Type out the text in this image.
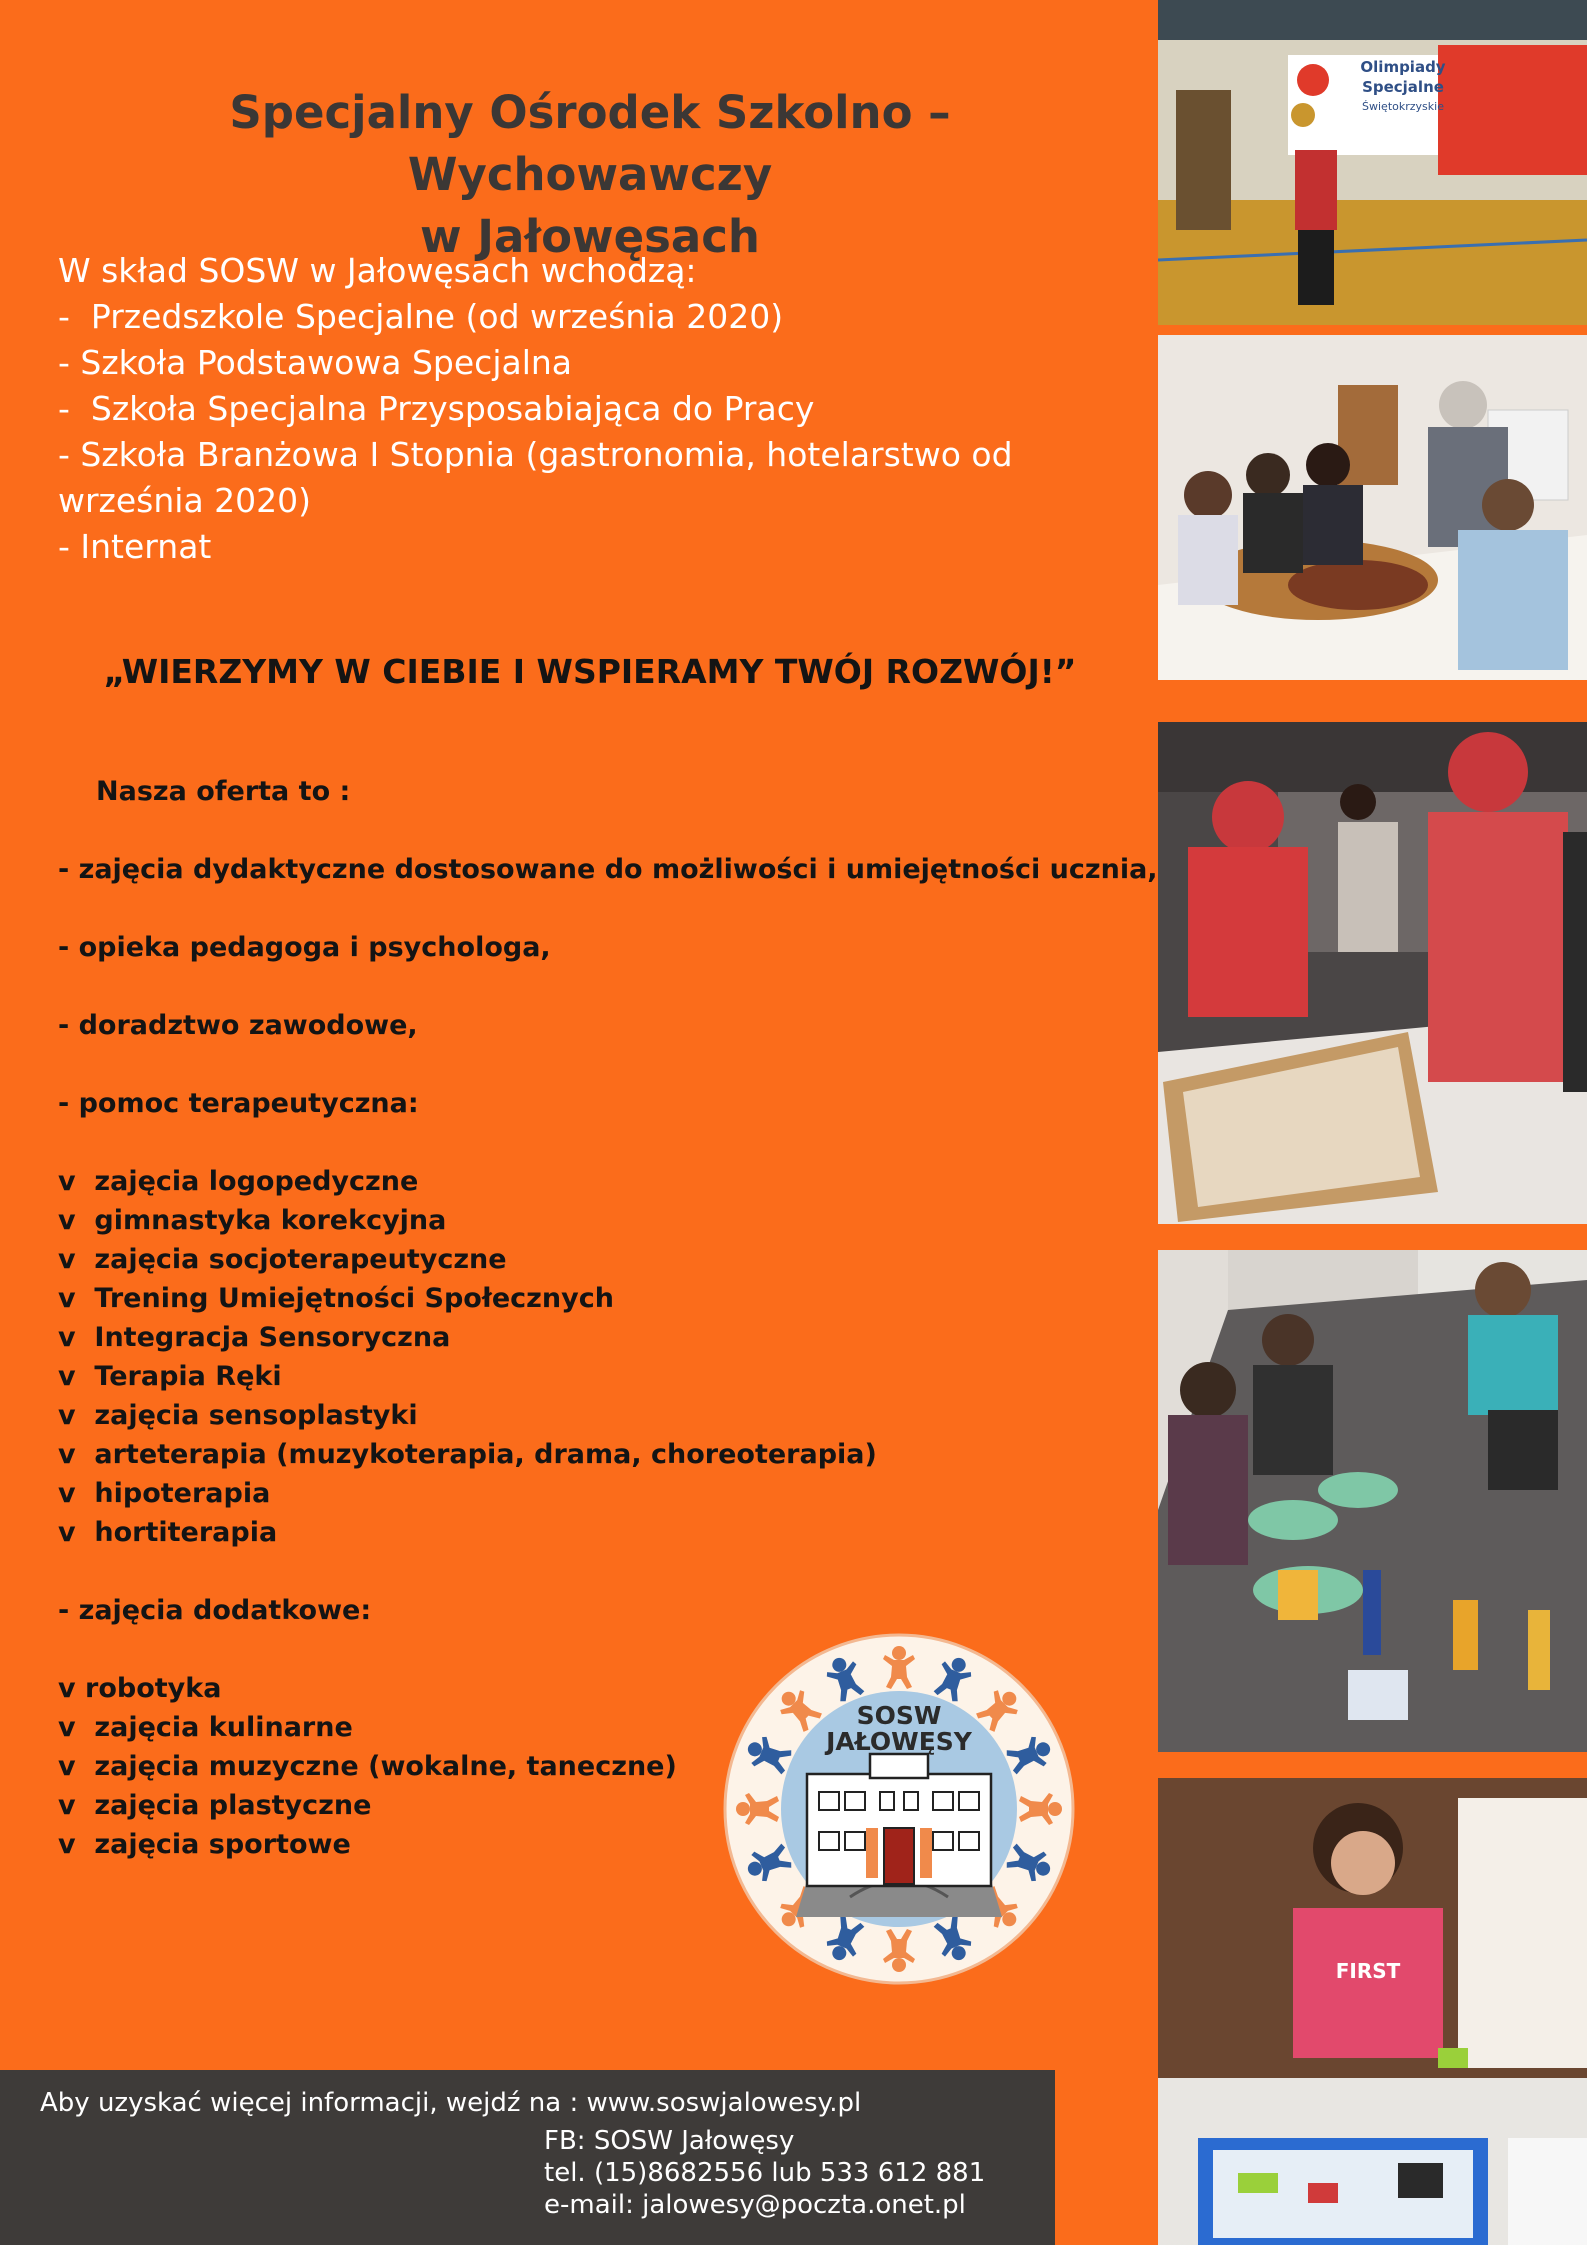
Specjalny Ośrodek Szkolno – Wychowawczy
w Jałowęsach
W skład SOSW w Jałowęsach wchodzą:
-  Przedszkole Specjalne (od września 2020)
- Szkoła Podstawowa Specjalna
-  Szkoła Specjalna Przysposabiająca do Pracy
- Szkoła Branżowa I Stopnia (gastronomia, hotelarstwo od
września 2020)
- Internat
„WIERZYMY W CIEBIE I WSPIERAMY TWÓJ ROZWÓJ!”
Nasza oferta to :
- zajęcia dydaktyczne dostosowane do możliwości i umiejętności ucznia,
- opieka pedagoga i psychologa,
- doradztwo zawodowe,
- pomoc terapeutyczna:
v  zajęcia logopedyczne
v  gimnastyka korekcyjna
v  zajęcia socjoterapeutyczne
v  Trening Umiejętności Społecznych
v  Integracja Sensoryczna
v  Terapia Ręki
v  zajęcia sensoplastyki
v  arteterapia (muzykoterapia, drama, choreoterapia)
v  hipoterapia
v  hortiterapia
- zajęcia dodatkowe:
v robotyka
v  zajęcia kulinarne
v  zajęcia muzyczne (wokalne, taneczne)
v  zajęcia plastyczne
v  zajęcia sportowe
SOSW
JAŁOWĘSY
Olimpiady
Specjalne
Świętokrzyskie
FIRST
Aby uzyskać więcej informacji, wejdź na : www.soswjalowesy.pl
FB: SOSW Jałowęsy
tel. (15)8682556 lub 533 612 881
e-mail: jalowesy@poczta.onet.pl
